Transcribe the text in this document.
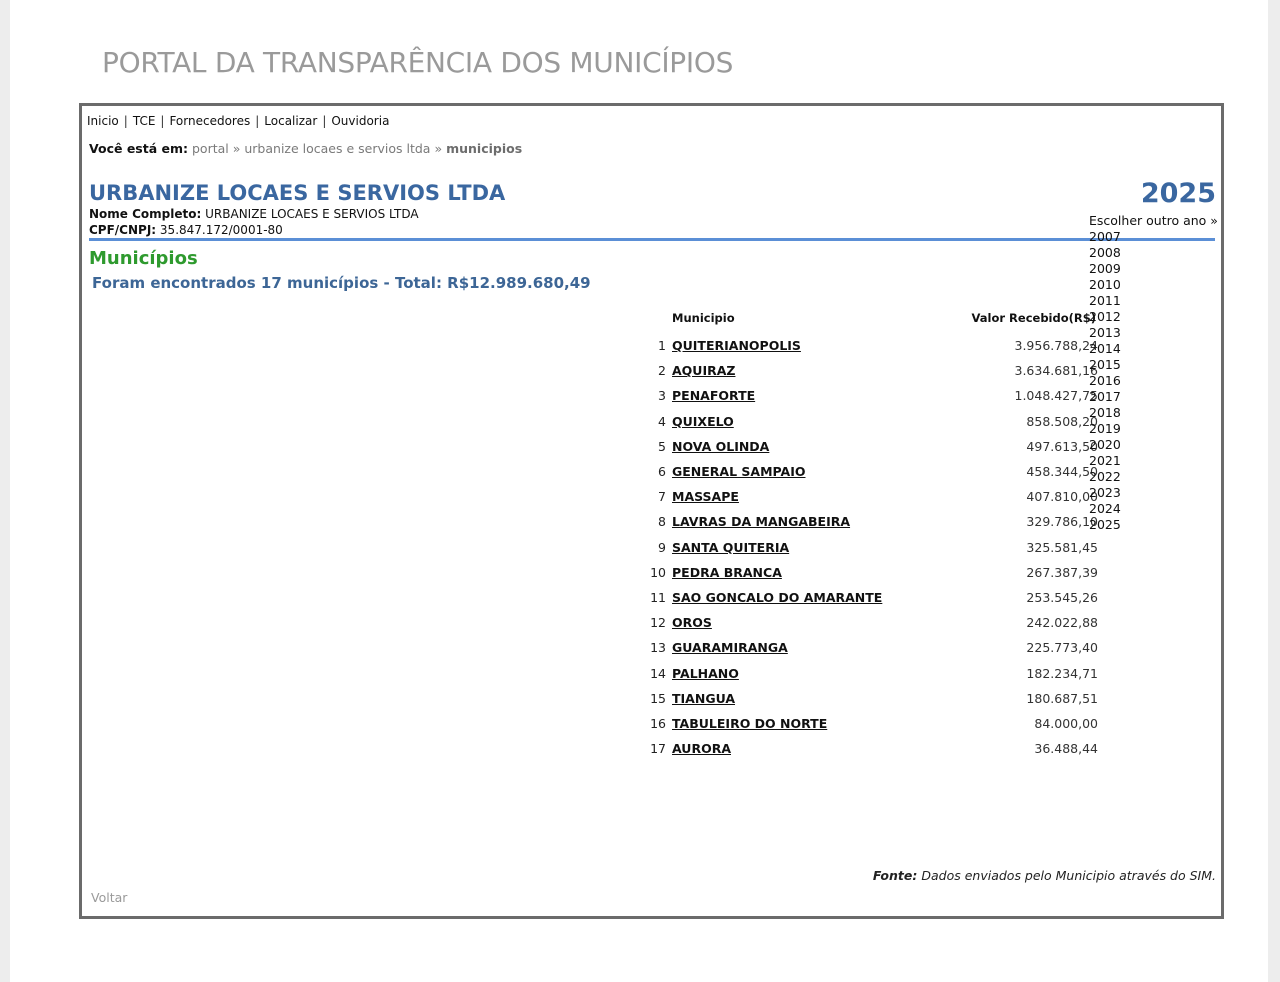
PORTAL DA TRANSPARÊNCIA DOS MUNICÍPIOS
Inicio | TCE | Fornecedores | Localizar | Ouvidoria
Você está em: portal » urbanize locaes e servios ltda » municipios
URBANIZE LOCAES E SERVIOS LTDA
Nome Completo: URBANIZE LOCAES E SERVIOS LTDA
CPF/CNPJ: 35.847.172/0001-80
2025
Escolher outro ano »
Municípios
Foram encontrados 17 municípios - Total: R$12.989.680,49
	Municipio	Valor Recebido(R$)
1	QUITERIANOPOLIS	3.956.788,24
2	AQUIRAZ	3.634.681,16
3	PENAFORTE	1.048.427,75
4	QUIXELO	858.508,20
5	NOVA OLINDA	497.613,50
6	GENERAL SAMPAIO	458.344,50
7	MASSAPE	407.810,00
8	LAVRAS DA MANGABEIRA	329.786,10
9	SANTA QUITERIA	325.581,45
10	PEDRA BRANCA	267.387,39
11	SAO GONCALO DO AMARANTE	253.545,26
12	OROS	242.022,88
13	GUARAMIRANGA	225.773,40
14	PALHANO	182.234,71
15	TIANGUA	180.687,51
16	TABULEIRO DO NORTE	84.000,00
17	AURORA	36.488,44
2007
2008
2009
2010
2011
2012
2013
2014
2015
2016
2017
2018
2019
2020
2021
2022
2023
2024
2025
Fonte: Dados enviados pelo Municipio através do SIM.
Voltar
